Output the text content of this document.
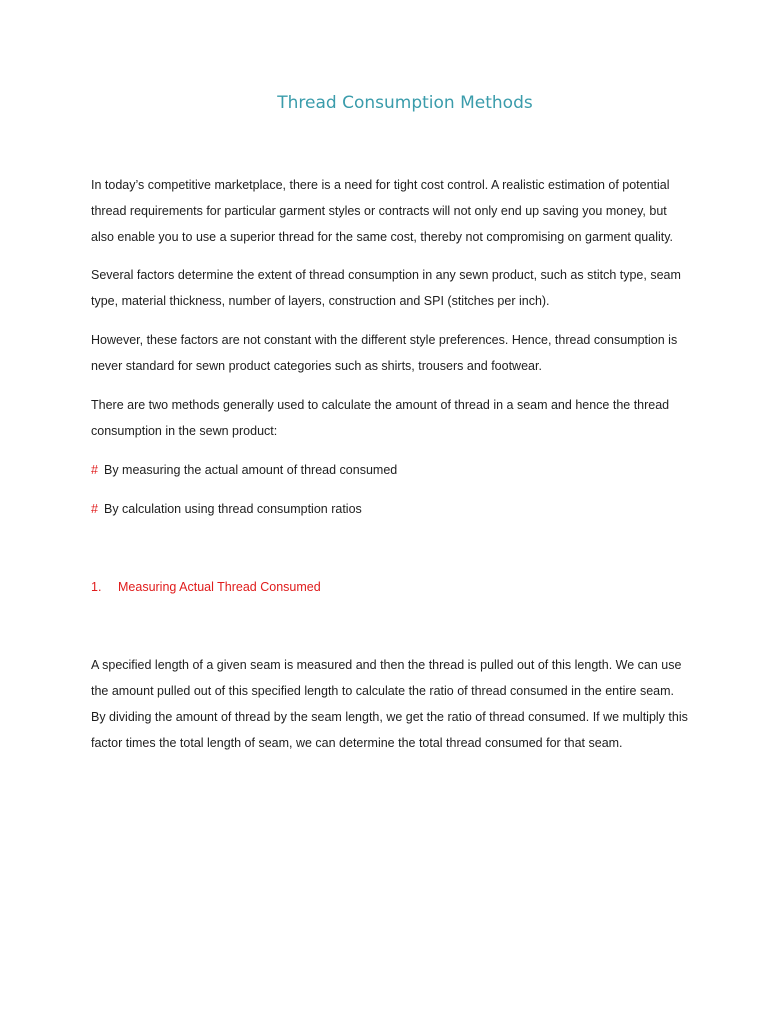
Thread Consumption Methods
In today’s competitive marketplace, there is a need for tight cost control. A realistic estimation of potential thread requirements for particular garment styles or contracts will not only end up saving you money, but also enable you to use a superior thread for the same cost, thereby not compromising on garment quality.
Several factors determine the extent of thread consumption in any sewn product, such as stitch type, seam type, material thickness, number of layers, construction and SPI (stitches per inch).
However, these factors are not constant with the different style preferences. Hence, thread consumption is never standard for sewn product categories such as shirts, trousers and footwear.
There are two methods generally used to calculate the amount of thread in a seam and hence the thread consumption in the sewn product:
# By measuring the actual amount of thread consumed
# By calculation using thread consumption ratios
1. Measuring Actual Thread Consumed
A specified length of a given seam is measured and then the thread is pulled out of this length. We can use the amount pulled out of this specified length to calculate the ratio of thread consumed in the entire seam. By dividing the amount of thread by the seam length, we get the ratio of thread consumed. If we multiply this factor times the total length of seam, we can determine the total thread consumed for that seam.
